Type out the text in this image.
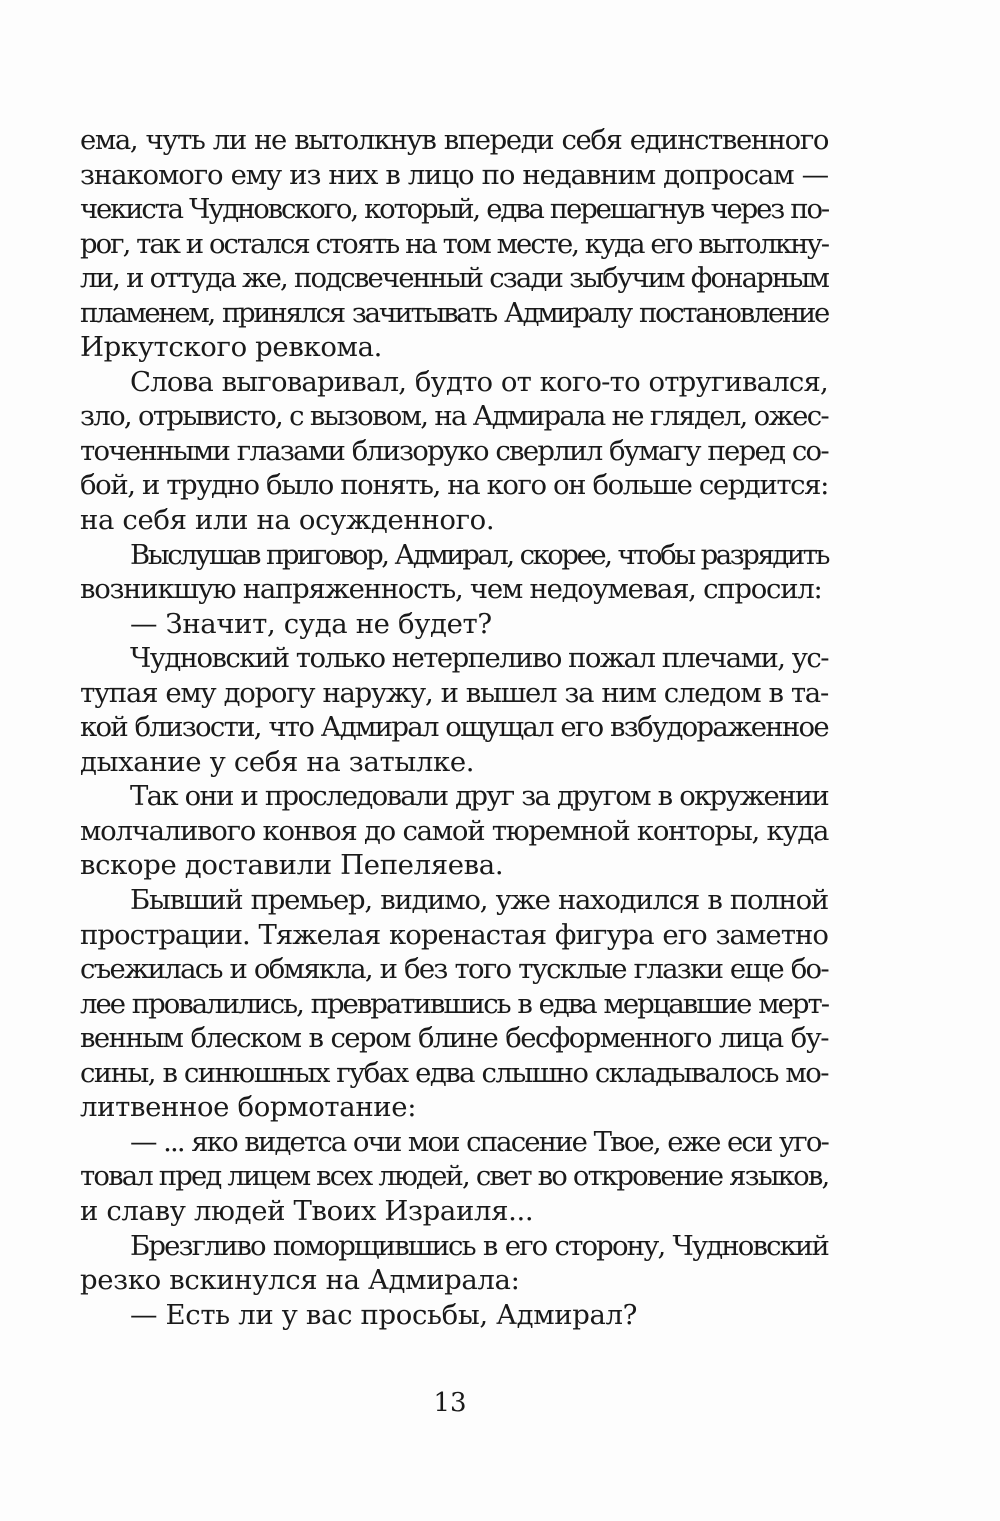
ема, чуть ли не вытолкнув впереди себя единственного
знакомого ему из них в лицо по недавним допросам —
чекиста Чудновского, который, едва перешагнув через по-
рог, так и остался стоять на том месте, куда его вытолкну-
ли, и оттуда же, подсвеченный сзади зыбучим фонарным
пламенем, принялся зачитывать Адмиралу постановление
Иркутского ревкома.
Слова выговаривал, будто от кого-то отругивался,
зло, отрывисто, с вызовом, на Адмирала не глядел, ожес-
точенными глазами близоруко сверлил бумагу перед со-
бой, и трудно было понять, на кого он больше сердится:
на себя или на осужденного.
Выслушав приговор, Адмирал, скорее, чтобы разрядить
возникшую напряженность, чем недоумевая, спросил:
— Значит, суда не будет?
Чудновский только нетерпеливо пожал плечами, ус-
тупая ему дорогу наружу, и вышел за ним следом в та-
кой близости, что Адмирал ощущал его взбудораженное
дыхание у себя на затылке.
Так они и проследовали друг за другом в окружении
молчаливого конвоя до самой тюремной конторы, куда
вскоре доставили Пепеляева.
Бывший премьер, видимо, уже находился в полной
прострации. Тяжелая коренастая фигура его заметно
съежилась и обмякла, и без того тусклые глазки еще бо-
лее провалились, превратившись в едва мерцавшие мерт-
венным блеском в сером блине бесформенного лица бу-
сины, в синюшных губах едва слышно складывалось мо-
литвенное бормотание:
— ... яко видетса очи мои спасение Твое, еже еси уго-
товал пред лицем всех людей, свет во откровение языков,
и славу людей Твоих Израиля...
Брезгливо поморщившись в его сторону, Чудновский
резко вскинулся на Адмирала:
— Есть ли у вас просьбы, Адмирал?
13
